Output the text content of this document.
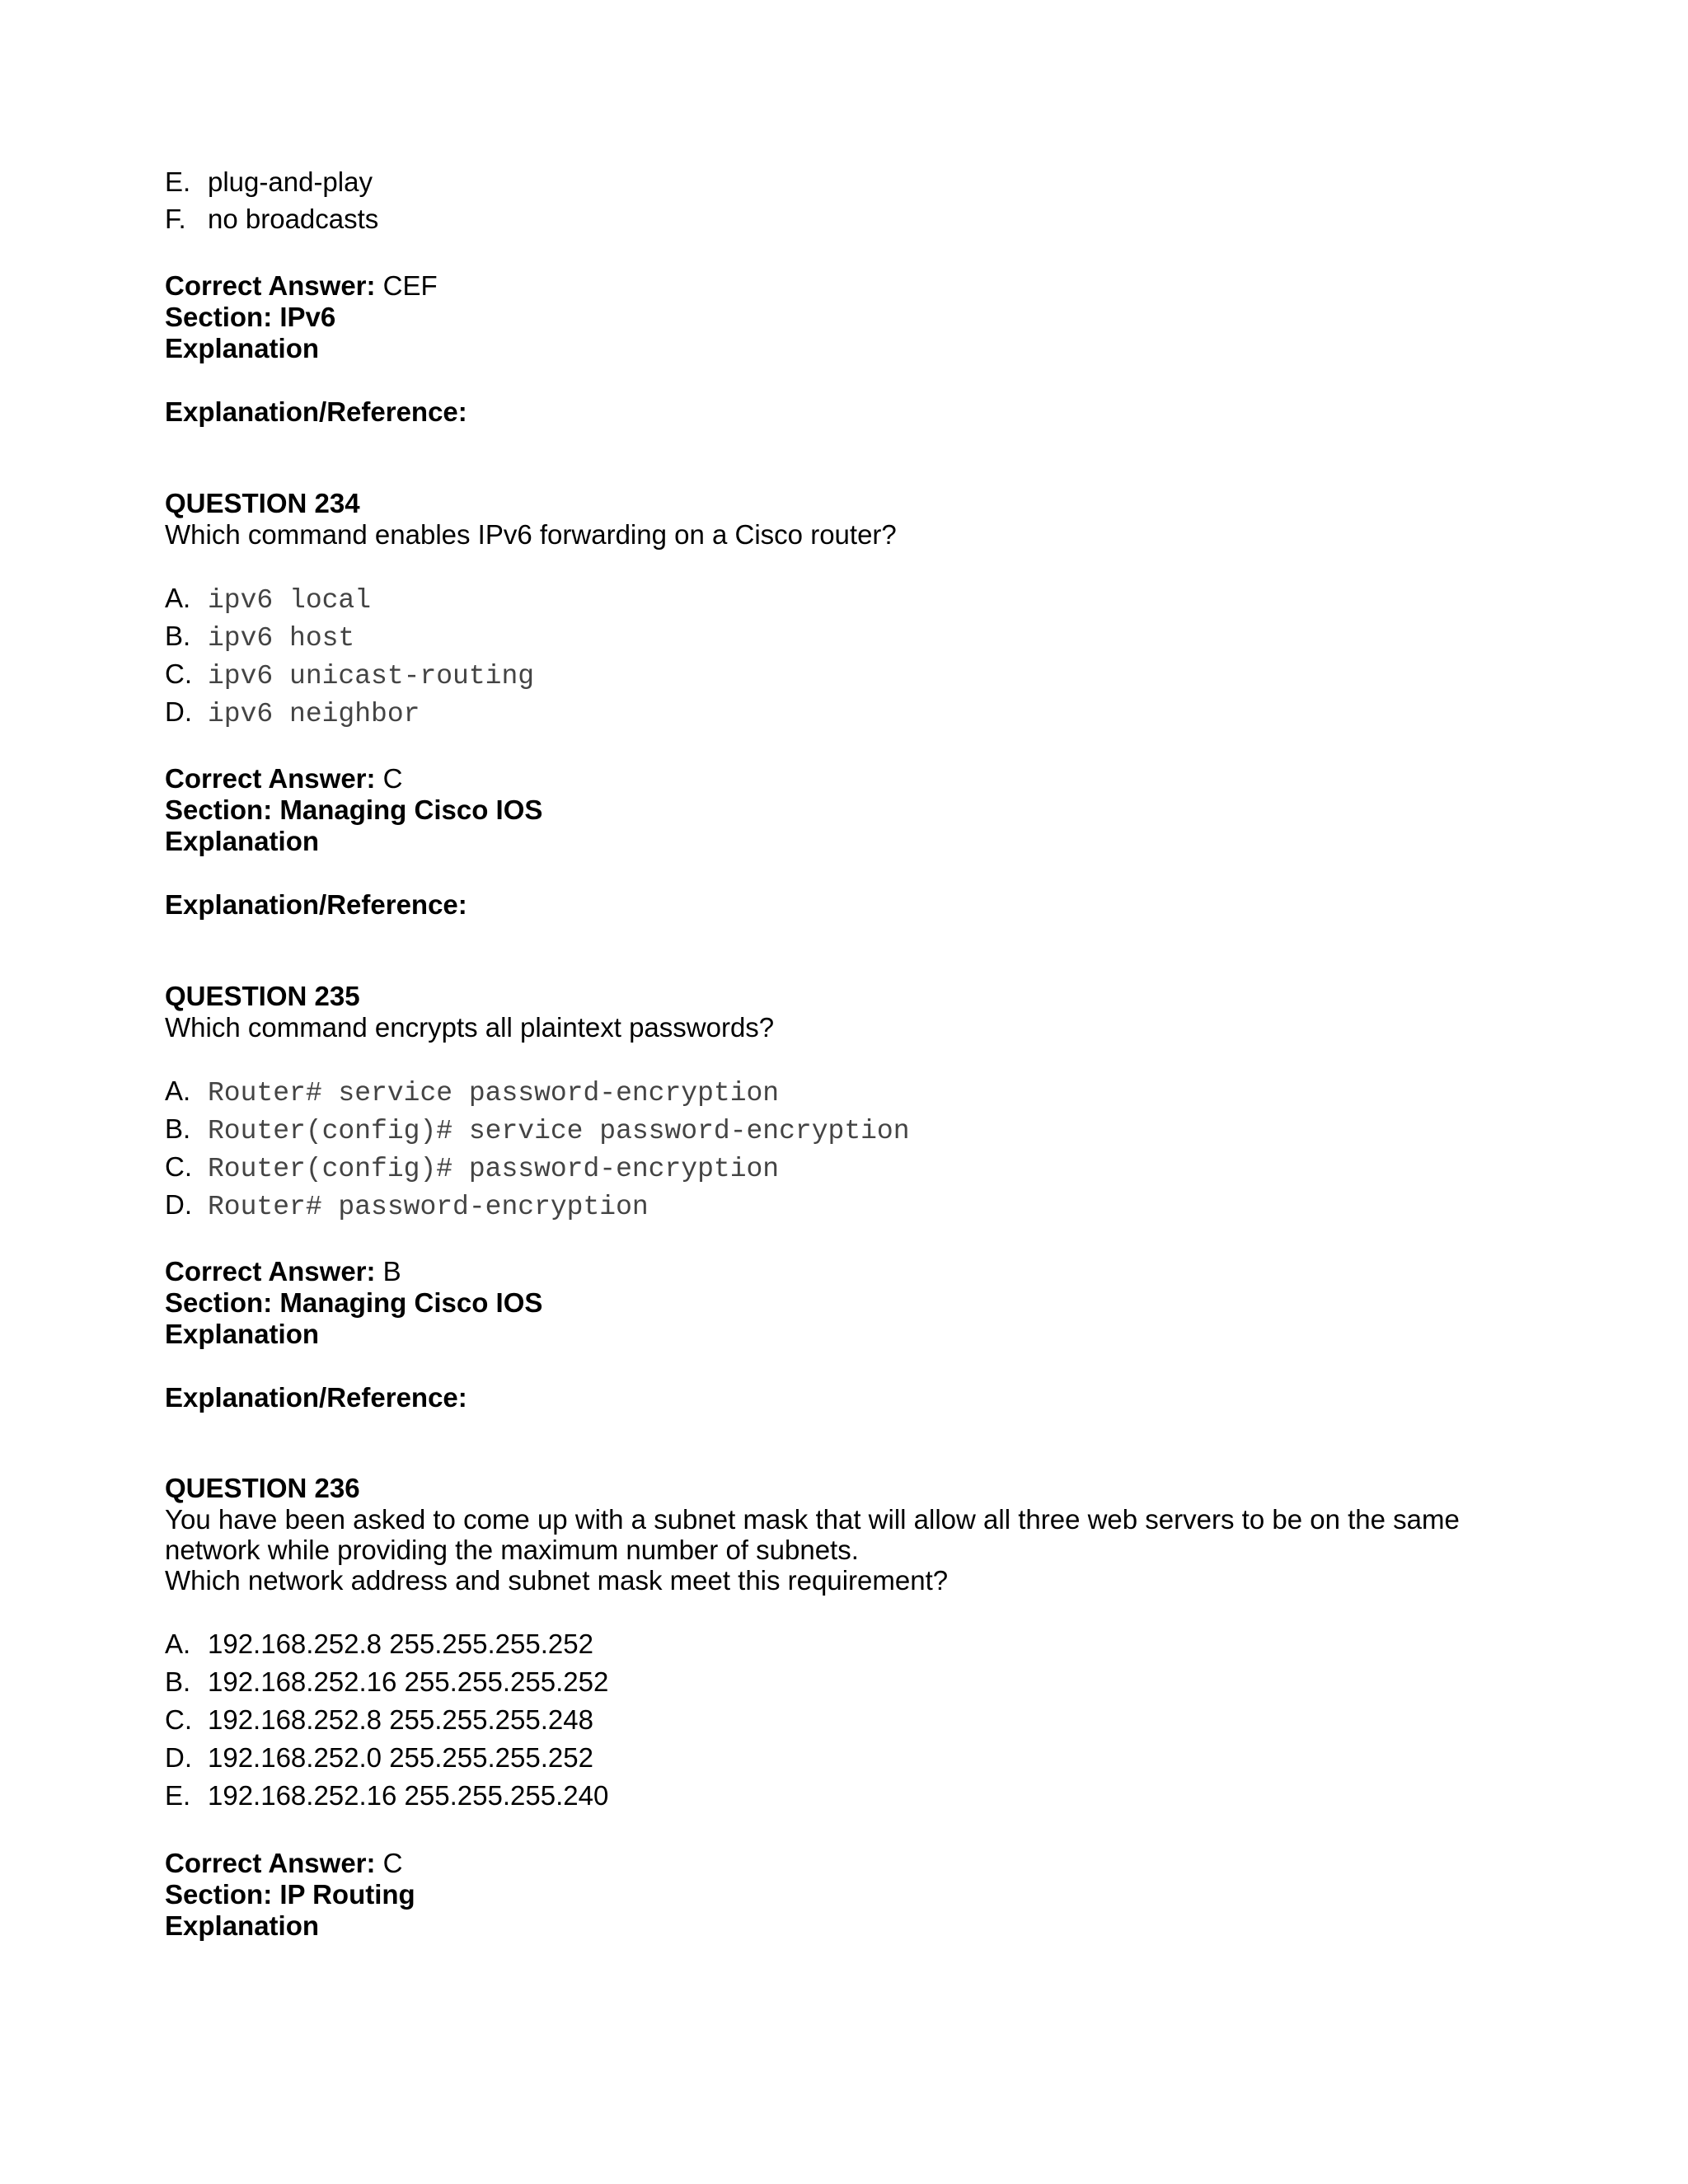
E. plug-and-play
F. no broadcasts
Correct Answer: CEF
Section: IPv6
Explanation
Explanation/Reference:
QUESTION 234
Which command enables IPv6 forwarding on a Cisco router?
A. ipv6 local
B. ipv6 host
C. ipv6 unicast-routing
D. ipv6 neighbor
Correct Answer: C
Section: Managing Cisco IOS
Explanation
Explanation/Reference:
QUESTION 235
Which command encrypts all plaintext passwords?
A. Router# service password-encryption
B. Router(config)# service password-encryption
C. Router(config)# password-encryption
D. Router# password-encryption
Correct Answer: B
Section: Managing Cisco IOS
Explanation
Explanation/Reference:
QUESTION 236
You have been asked to come up with a subnet mask that will allow all three web servers to be on the same
network while providing the maximum number of subnets.
Which network address and subnet mask meet this requirement?
A. 192.168.252.8 255.255.255.252
B. 192.168.252.16 255.255.255.252
C. 192.168.252.8 255.255.255.248
D. 192.168.252.0 255.255.255.252
E. 192.168.252.16 255.255.255.240
Correct Answer: C
Section: IP Routing
Explanation
